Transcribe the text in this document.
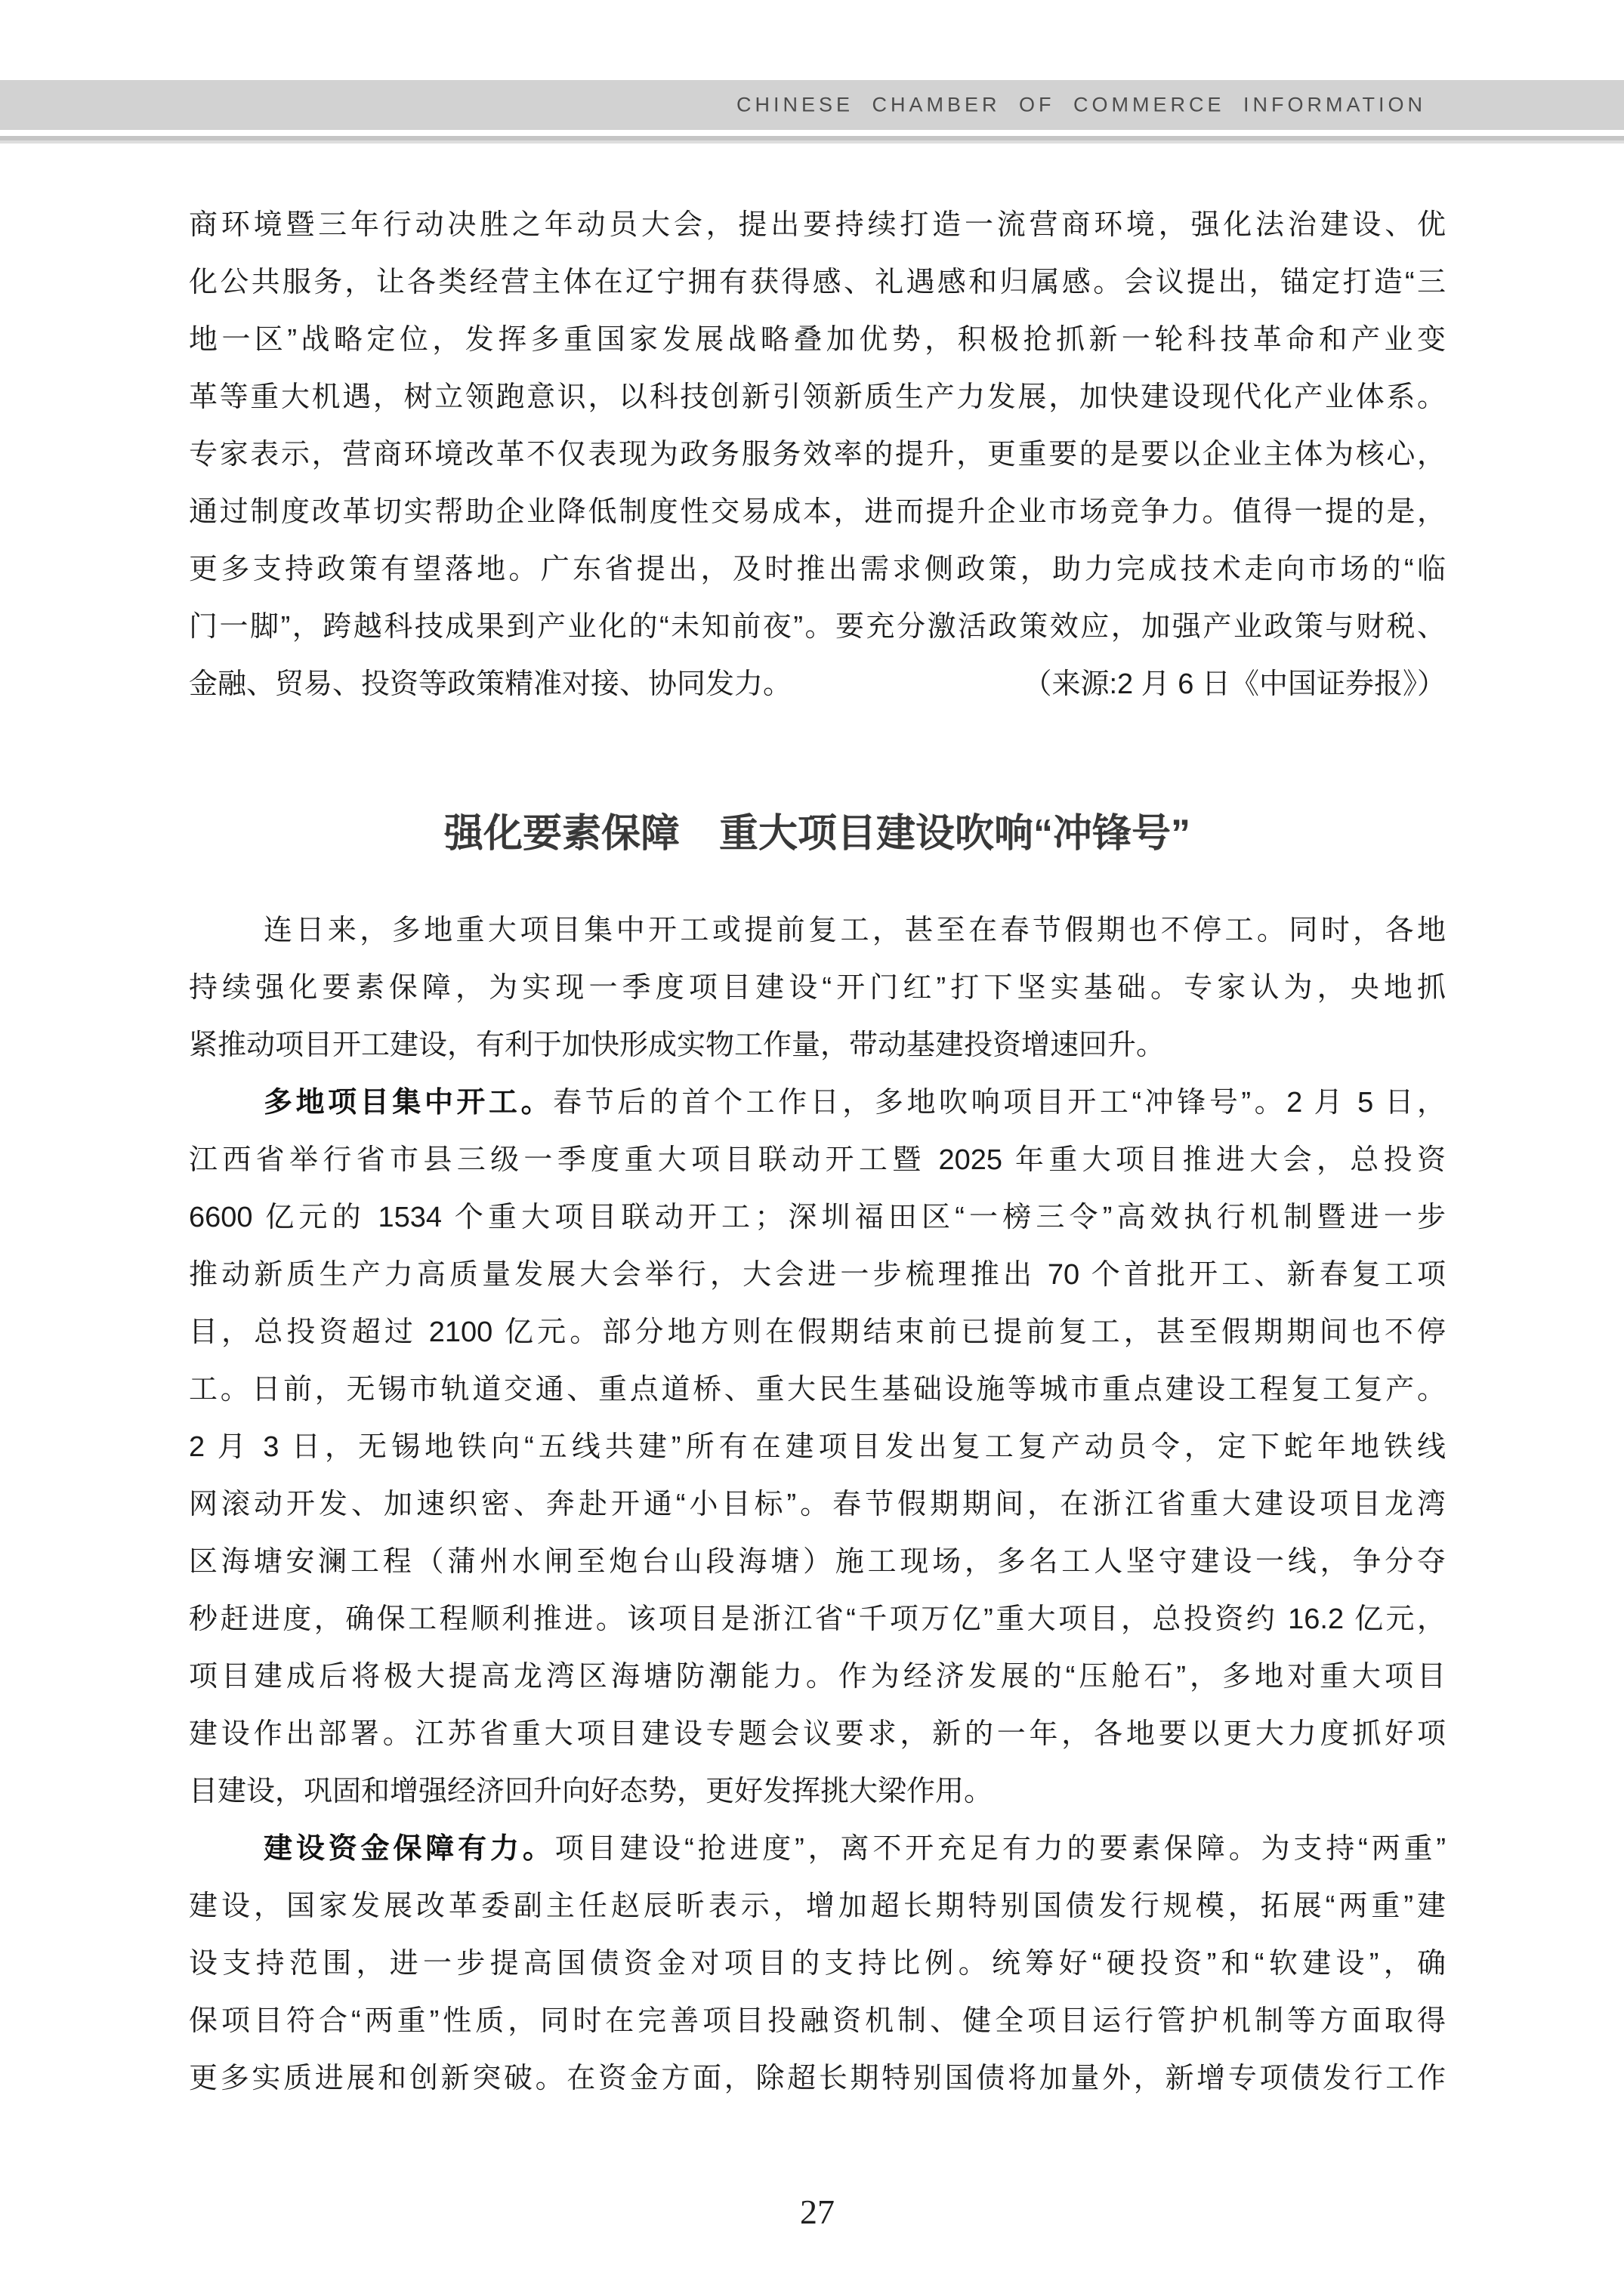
CHINESE CHAMBER OF COMMERCE INFORMATION
商环境暨三年行动决胜之年动员大会，提出要持续打造一流营商环境，强化法治建设、优
化公共服务，让各类经营主体在辽宁拥有获得感、礼遇感和归属感。会议提出，锚定打造“三
地一区”战略定位，发挥多重国家发展战略叠加优势，积极抢抓新一轮科技革命和产业变
革等重大机遇，树立领跑意识，以科技创新引领新质生产力发展，加快建设现代化产业体系。
专家表示，营商环境改革不仅表现为政务服务效率的提升，更重要的是要以企业主体为核心，
通过制度改革切实帮助企业降低制度性交易成本，进而提升企业市场竞争力。值得一提的是，
更多支持政策有望落地。广东省提出，及时推出需求侧政策，助力完成技术走向市场的“临
门一脚”，跨越科技成果到产业化的“未知前夜”。要充分激活政策效应，加强产业政策与财税、
金融、贸易、投资等政策精准对接、协同发力。	（来源:2 月 6 日《中国证券报》）
强化要素保障　重大项目建设吹响“冲锋号”
连日来，多地重大项目集中开工或提前复工，甚至在春节假期也不停工。同时，各地
持续强化要素保障，为实现一季度项目建设“开门红”打下坚实基础。专家认为，央地抓
紧推动项目开工建设，有利于加快形成实物工作量，带动基建投资增速回升。
多地项目集中开工。春节后的首个工作日，多地吹响项目开工“冲锋号”。2 月 5 日，
江西省举行省市县三级一季度重大项目联动开工暨 2025 年重大项目推进大会，总投资
6600 亿元的 1534 个重大项目联动开工；深圳福田区“一榜三令”高效执行机制暨进一步
推动新质生产力高质量发展大会举行，大会进一步梳理推出 70 个首批开工、新春复工项
目，总投资超过 2100 亿元。部分地方则在假期结束前已提前复工，甚至假期期间也不停
工。日前，无锡市轨道交通、重点道桥、重大民生基础设施等城市重点建设工程复工复产。
2 月 3 日，无锡地铁向“五线共建”所有在建项目发出复工复产动员令，定下蛇年地铁线
网滚动开发、加速织密、奔赴开通“小目标”。春节假期期间，在浙江省重大建设项目龙湾
区海塘安澜工程（蒲州水闸至炮台山段海塘）施工现场，多名工人坚守建设一线，争分夺
秒赶进度，确保工程顺利推进。该项目是浙江省“千项万亿”重大项目，总投资约 16.2 亿元，
项目建成后将极大提高龙湾区海塘防潮能力。作为经济发展的“压舱石”，多地对重大项目
建设作出部署。江苏省重大项目建设专题会议要求，新的一年，各地要以更大力度抓好项
目建设，巩固和增强经济回升向好态势，更好发挥挑大梁作用。
建设资金保障有力。项目建设“抢进度”，离不开充足有力的要素保障。为支持“两重”
建设，国家发展改革委副主任赵辰昕表示，增加超长期特别国债发行规模，拓展“两重”建
设支持范围，进一步提高国债资金对项目的支持比例。统筹好“硬投资”和“软建设”，确
保项目符合“两重”性质，同时在完善项目投融资机制、健全项目运行管护机制等方面取得
更多实质进展和创新突破。在资金方面，除超长期特别国债将加量外，新增专项债发行工作
27
